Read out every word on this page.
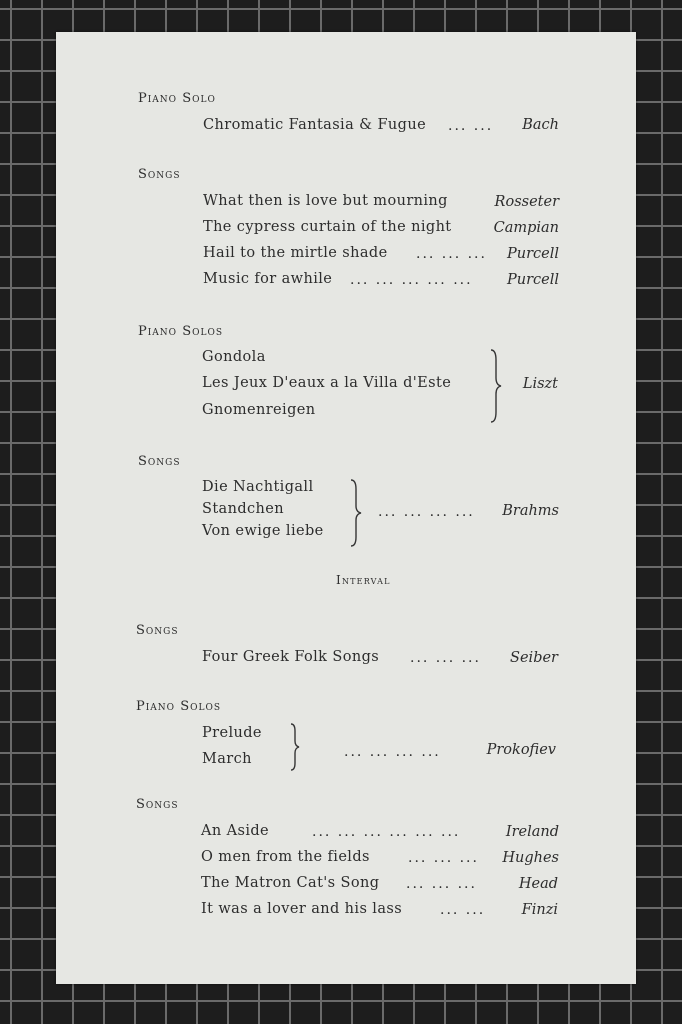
Piano Solo
Chromatic Fantasia & Fugue ... ... Bach
Songs
What then is love but mourning	Rosseter
The cypress curtain of the night	Campian
Hail to the mirtle shade ... ... ... Purcell
Music for awhile ... ... ... ... ... Purcell
Piano Solos
Gondola
Les Jeux D'eaux a la Villa d'Este
Gnomenreigen
Liszt
Songs
Die Nachtigall
Standchen
Von ewige liebe
... ... ... ... Brahms
Interval
Songs
Four Greek Folk Songs ... ... ... Seiber
Piano Solos
Prelude
March	... ... ... ...	Prokofiev
Songs
An Aside	... ... ... ... ... ...	Ireland
O men from the fields	... ... ... Hughes
The Matron Cat's Song ... ... ...	Head
It was a lover and his lass	... ...	Finzi
